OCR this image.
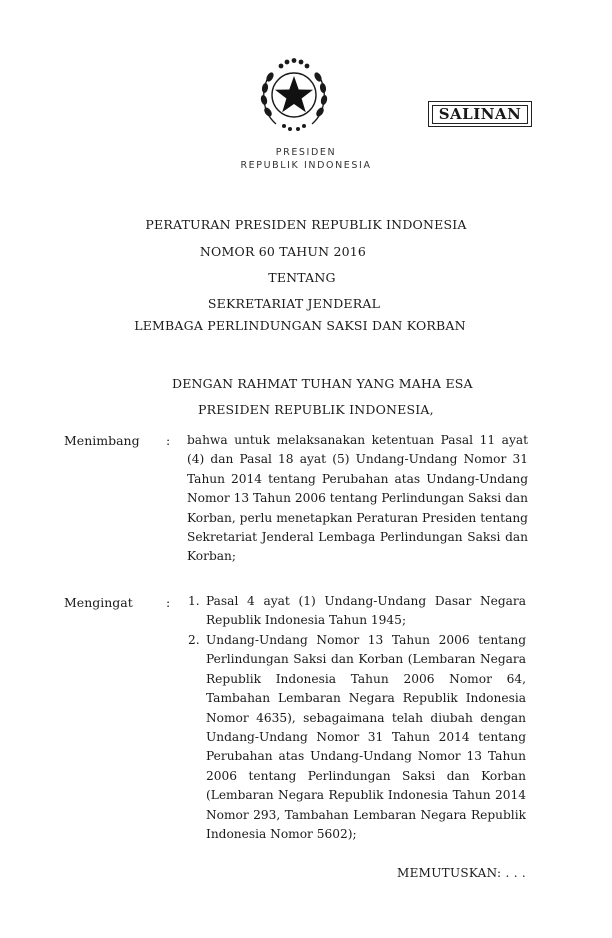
SALINAN
PRESIDEN
REPUBLIK INDONESIA
PERATURAN PRESIDEN REPUBLIK INDONESIA
NOMOR 60 TAHUN 2016
TENTANG
SEKRETARIAT JENDERAL
LEMBAGA PERLINDUNGAN SAKSI DAN KORBAN
DENGAN RAHMAT TUHAN YANG MAHA ESA
PRESIDEN REPUBLIK INDONESIA,
Menimbang : bahwa untuk melaksanakan ketentuan Pasal 11 ayat (4) dan Pasal 18 ayat (5) Undang-Undang Nomor 31 Tahun 2014 tentang Perubahan atas Undang-Undang Nomor 13 Tahun 2006 tentang Perlindungan Saksi dan Korban, perlu menetapkan Peraturan Presiden tentang Sekretariat Jenderal Lembaga Perlindungan Saksi dan Korban;
Mengingat	: 1. Pasal 4 ayat (1) Undang-Undang Dasar Negara Republik Indonesia Tahun 1945;
2. Undang-Undang Nomor 13 Tahun 2006 tentang Perlindungan Saksi dan Korban (Lembaran Negara Republik Indonesia Tahun 2006 Nomor 64, Tambahan Lembaran Negara Republik Indonesia Nomor 4635), sebagaimana telah diubah dengan Undang-Undang Nomor 31 Tahun 2014 tentang Perubahan atas Undang-Undang Nomor 13 Tahun 2006 tentang Perlindungan Saksi dan Korban (Lembaran Negara Republik Indonesia Tahun 2014 Nomor 293, Tambahan Lembaran Negara Republik Indonesia Nomor 5602);
MEMUTUSKAN: . . .
